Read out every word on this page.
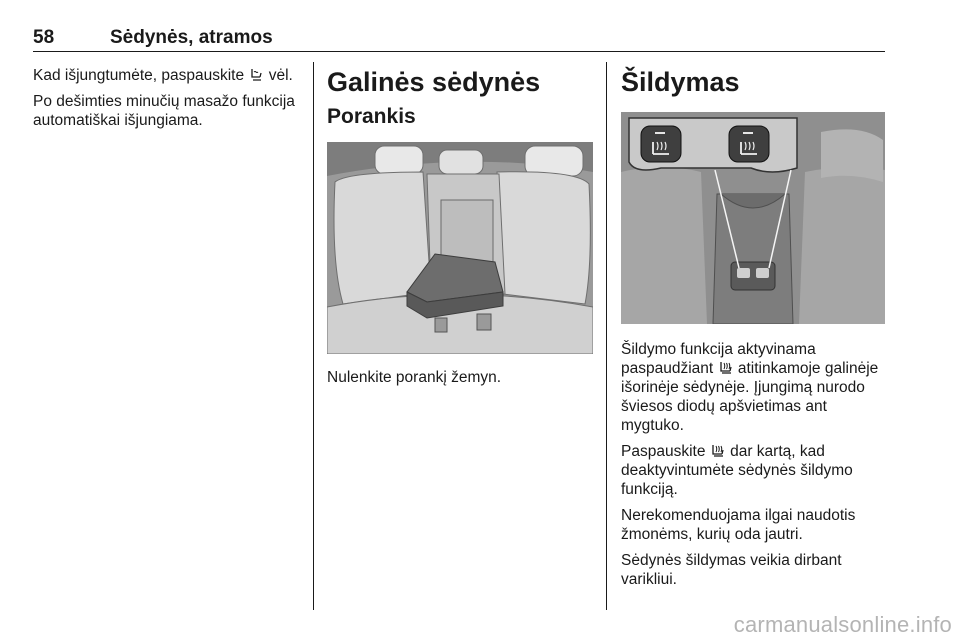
58	Sėdynės, atramos

Kad išjungtumėte, paspauskite vėl.

Po dešimties minučių masažo funkcija automatiškai išjungiama.

Galinės sėdynės
Porankis

Nulenkite porankį žemyn.

Šildymas

Šildymo funkcija aktyvinama paspaudžiant atitinkamoje galinėje išorinėje sėdynėje. Įjungimą nurodo šviesos diodų apšvietimas ant mygtuko.

Paspauskite dar kartą, kad deaktyvintumėte sėdynės šildymo funkciją.

Nerekomenduojama ilgai naudotis žmonėms, kurių oda jautri.

Sėdynės šildymas veikia dirbant varikliui.

carmanualsonline.info
